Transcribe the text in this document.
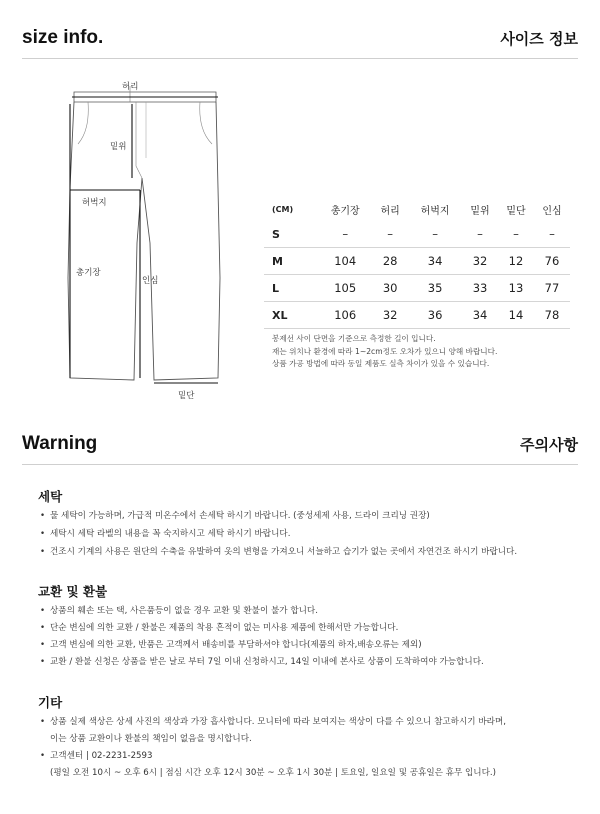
size info.	사이즈 정보
허리
밑위
허벅지
총기장
인심
밑단
(CM)	총기장	허리	허벅지	밑위	밑단	인심
S	–	–	–	–	–	–
M	104	28	34	32	12	76
L	105	30	35	33	13	77
XL	106	32	36	34	14	78
봉제선 사이 단면을 기준으로 측정한 길이 입니다.
재는 위치나 환경에 따라 1~2cm정도 오차가 있으니 양해 바랍니다.
상품 가공 방법에 따라 동일 제품도 실측 차이가 있을 수 있습니다.
Warning	주의사항
세탁
• 물 세탁이 가능하며, 가급적 미온수에서 손세탁 하시기 바랍니다. (중성세제 사용, 드라이 크리닝 권장)
• 세탁시 세탁 라벨의 내용을 꼭 숙지하시고 세탁 하시기 바랍니다.
• 건조시 기계의 사용은 원단의 수축을 유발하여 옷의 변형을 가져오니 서늘하고 습기가 없는 곳에서 자연건조 하시기 바랍니다.
교환 및 환불
• 상품의 훼손 또는 택, 사은품등이 없을 경우 교환 및 환불이 불가 합니다.
• 단순 변심에 의한 교환 / 환불은 제품의 착용 흔적이 없는 미사용 제품에 한해서만 가능합니다.
• 고객 변심에 의한 교환, 반품은 고객께서 배송비를 부담하셔야 합니다(제품의 하자,배송오류는 제외)
• 교환 / 환불 신청은 상품을 받은 날로 부터 7일 이내 신청하시고, 14일 이내에 본사로 상품이 도착하여야 가능합니다.
기타
• 상품 실제 색상은 상세 사진의 색상과 가장 흡사합니다. 모니터에 따라 보여지는 색상이 다를 수 있으니 참고하시기 바라며,
이는 상품 교환이나 환불의 책임이 없음을 명시합니다.
• 고객센터 | 02-2231-2593
(평일 오전 10시 ~ 오후 6시 | 점심 시간 오후 12시 30분 ~ 오후 1시 30분 | 토요일, 일요일 및 공휴일은 휴무 입니다.)
